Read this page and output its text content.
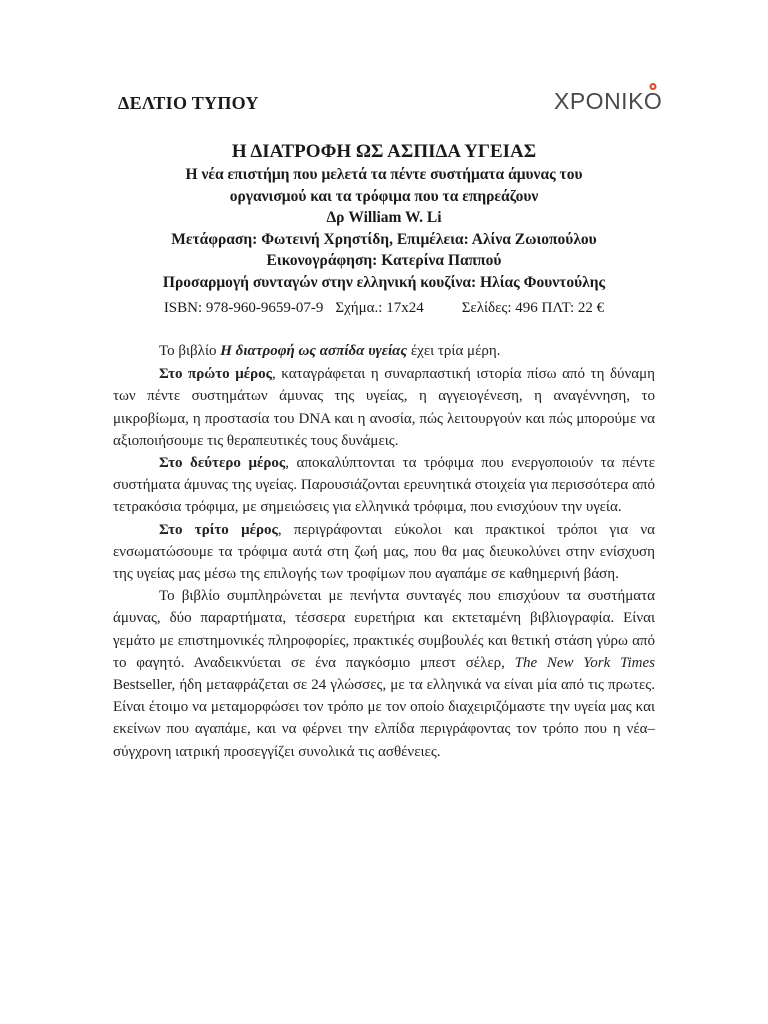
ΔΕΛΤΙΟ ΤΥΠΟΥ	ΧΡΟΝΙΚ Ο
Η ΔΙΑΤΡΟΦΗ ΩΣ ΑΣΠΙΔΑ ΥΓΕΙΑΣ
Η νέα επιστήμη που μελετά τα πέντε συστήματα άμυνας του
οργανισμού και τα τρόφιμα που τα επηρεάζουν
Δρ William W. Li
Μετάφραση: Φωτεινή Χρηστίδη, Επιμέλεια: Αλίνα Ζωιοπούλου
Εικονογράφηση: Κατερίνα Παππού
Προσαρμογή συνταγών στην ελληνική κουζίνα: Ηλίας Φουντούλης
ISBN: 978-960-9659-07-9 Σχήμα.: 17x24	Σελίδες: 496 ΠΛΤ: 22 €

Το βιβλίο Η διατροφή ως ασπίδα υγείας έχει τρία μέρη.

Στο πρώτο μέρος, καταγράφεται η συναρπαστική ιστορία πίσω από τη δύναμη των πέντε συστημάτων άμυνας της υγείας, η αγγειογένεση, η αναγέννηση, το μικροβίωμα, η προστασία του DNA και η ανοσία, πώς λειτουργούν και πώς μπορούμε να αξιοποιήσουμε τις θεραπευτικές τους δυνάμεις.

Στο δεύτερο μέρος, αποκαλύπτονται τα τρόφιμα που ενεργοποιούν τα πέντε συστήματα άμυνας της υγείας. Παρουσιάζονται ερευνητικά στοιχεία για περισσότερα από τετρακόσια τρόφιμα, με σημειώσεις για ελληνικά τρόφιμα, που ενισχύουν την υγεία.

Στο τρίτο μέρος, περιγράφονται εύκολοι και πρακτικοί τρόποι για να ενσωματώσουμε τα τρόφιμα αυτά στη ζωή μας, που θα μας διευκολύνει στην ενίσχυση της υγείας μας μέσω της επιλογής των τροφίμων που αγαπάμε σε καθημερινή βάση.

Το βιβλίο συμπληρώνεται με πενήντα συνταγές που επισχύουν τα συστήματα άμυνας, δύο παραρτήματα, τέσσερα ευρετήρια και εκτεταμένη βιβλιογραφία. Είναι γεμάτο με επιστημονικές πληροφορίες, πρακτικές συμβουλές και θετική στάση γύρω από το φαγητό. Αναδεικνύεται σε ένα παγκόσμιο μπεστ σέλερ, The New York Times Bestseller, ήδη μεταφράζεται σε 24 γλώσσες, με τα ελληνικά να είναι μία από τις πρωτες. Είναι έτοιμο να μεταμορφώσει τον τρόπο με τον οποίο διαχειριζόμαστε την υγεία μας και εκείνων που αγαπάμε, και να φέρνει την ελπίδα περιγράφοντας τον τρόπο που η νέα–σύγχρονη ιατρική προσεγγίζει συνολικά τις ασθένειες.
